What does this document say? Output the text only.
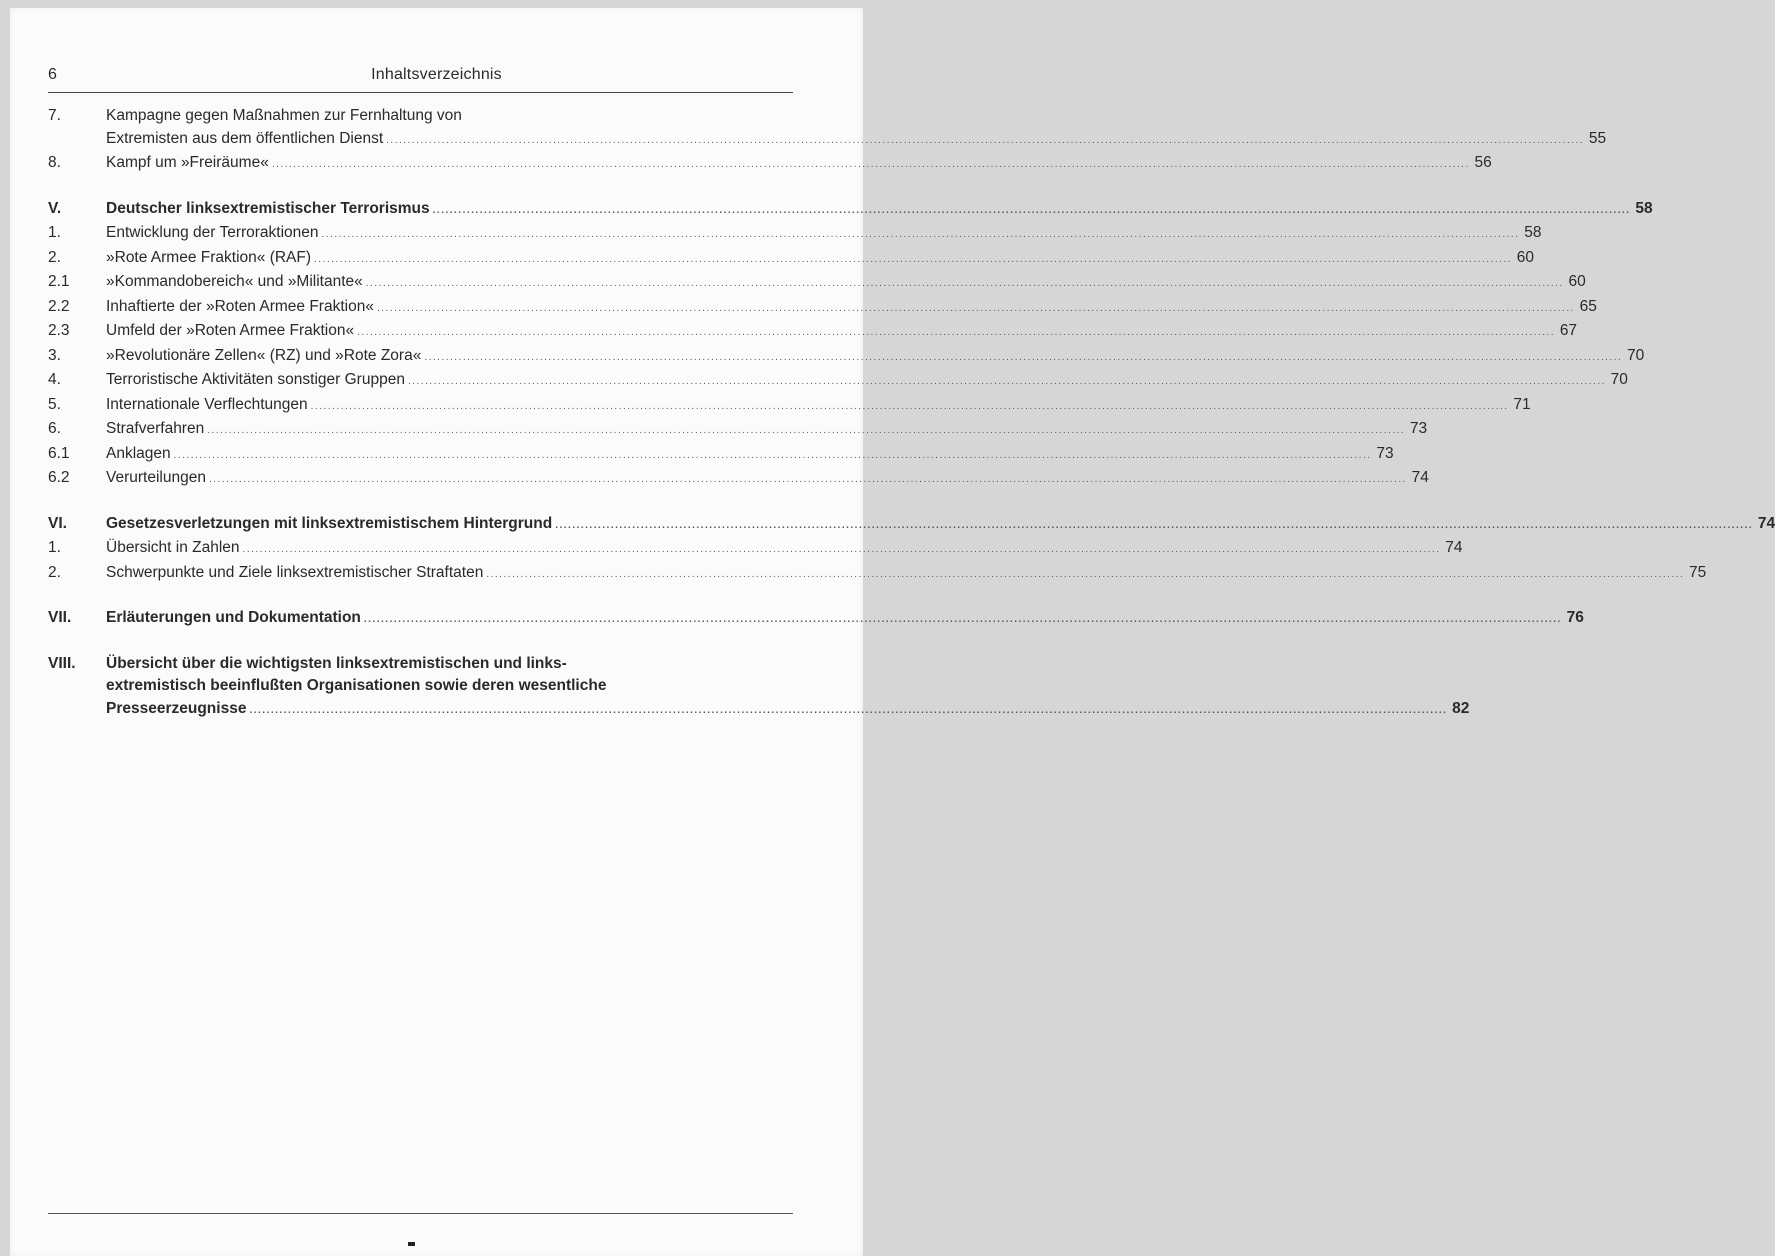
6	Inhaltsverzeichnis
7.	Kampagne gegen Maßnahmen zur Fernhaltung von
Extremisten aus dem öffentlichen Dienst .....	55
8.	Kampf um »Freiräume« .....	56
V.	Deutscher linksextremistischer Terrorismus .....	58
1.	Entwicklung der Terroraktionen .....	58
2.	»Rote Armee Fraktion« (RAF) .....	60
2.1	»Kommandobereich« und »Militante« .....	60
2.2	Inhaftierte der »Roten Armee Fraktion« .....	65
2.3	Umfeld der »Roten Armee Fraktion« .....	67
3.	»Revolutionäre Zellen« (RZ) und »Rote Zora« .....	70
4.	Terroristische Aktivitäten sonstiger Gruppen .....	70
5.	Internationale Verflechtungen .....	71
6.	Strafverfahren .....	73
6.1	Anklagen .....	73
6.2	Verurteilungen .....	74
VI.	Gesetzesverletzungen mit linksextremistischem Hintergrund .....	74
1.	Übersicht in Zahlen .....	74
2.	Schwerpunkte und Ziele linksextremistischer Straftaten .....	75
VII.	Erläuterungen und Dokumentation .....	76
VIII.	Übersicht über die wichtigsten linksextremistischen und links-
extremistisch beeinflußten Organisationen sowie deren wesentliche
Presseerzeugnisse .....	82
